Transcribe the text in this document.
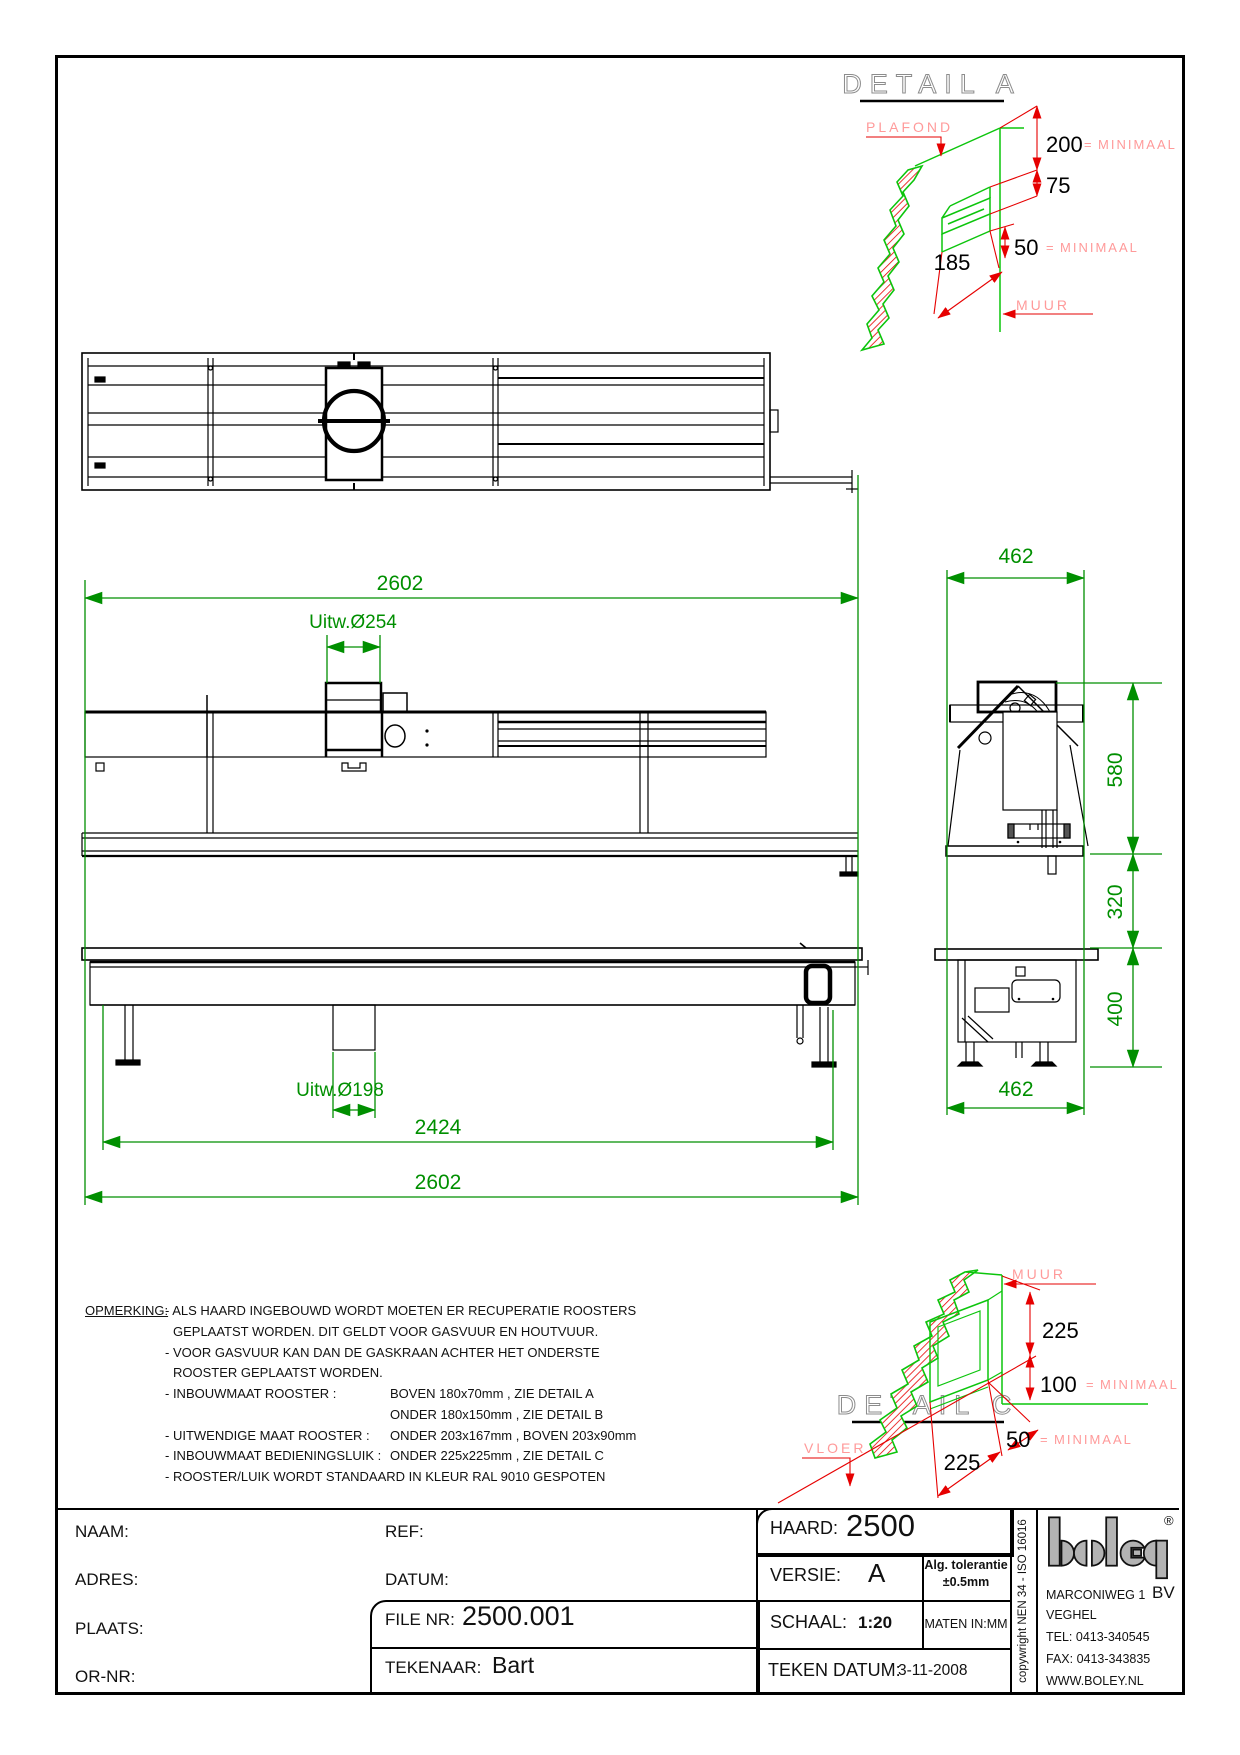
2602
Uitw.Ø254
462
580
320
400
Uitw.Ø198
2424
2602
462
DETAIL A
PLAFOND
200 = MINIMAAL
75
50 = MINIMAAL
185
MUUR
DETAIL C
MUUR
225
100 = MINIMAAL
50 = MINIMAAL
225
VLOER
OPMERKING:
- ALS HAARD INGEBOUWD WORDT MOETEN ER RECUPERATIE ROOSTERS
GEPLAATST WORDEN. DIT GELDT VOOR GASVUUR EN HOUTVUUR.
- VOOR GASVUUR KAN DAN DE GASKRAAN ACHTER HET ONDERSTE
ROOSTER GEPLAATST WORDEN.
- INBOUWMAAT ROOSTER :	BOVEN 180x70mm , ZIE DETAIL A
ONDER 180x150mm , ZIE DETAIL B
- UITWENDIGE MAAT ROOSTER : ONDER 203x167mm , BOVEN 203x90mm
- INBOUWMAAT BEDIENINGSLUIK : ONDER 225x225mm , ZIE DETAIL C
- ROOSTER/LUIK WORDT STANDAARD IN KLEUR RAL 9010 GESPOTEN
NAAM:
ADRES:
PLAATS:
OR-NR:
REF:
DATUM:
FILE NR: 2500.001
TEKENAAR: Bart
HAARD: 2500
VERSIE: A	Alg. tolerantie
±0.5mm
SCHAAL: 1:20	MATEN IN:MM
TEKEN DATUM:
3-11-2008	copywright NEN 34 - ISO 16016	®
MARCONIWEG 1 BV
VEGHEL
TEL: 0413-340545
FAX: 0413-343835
WWW.BOLEY.NL
